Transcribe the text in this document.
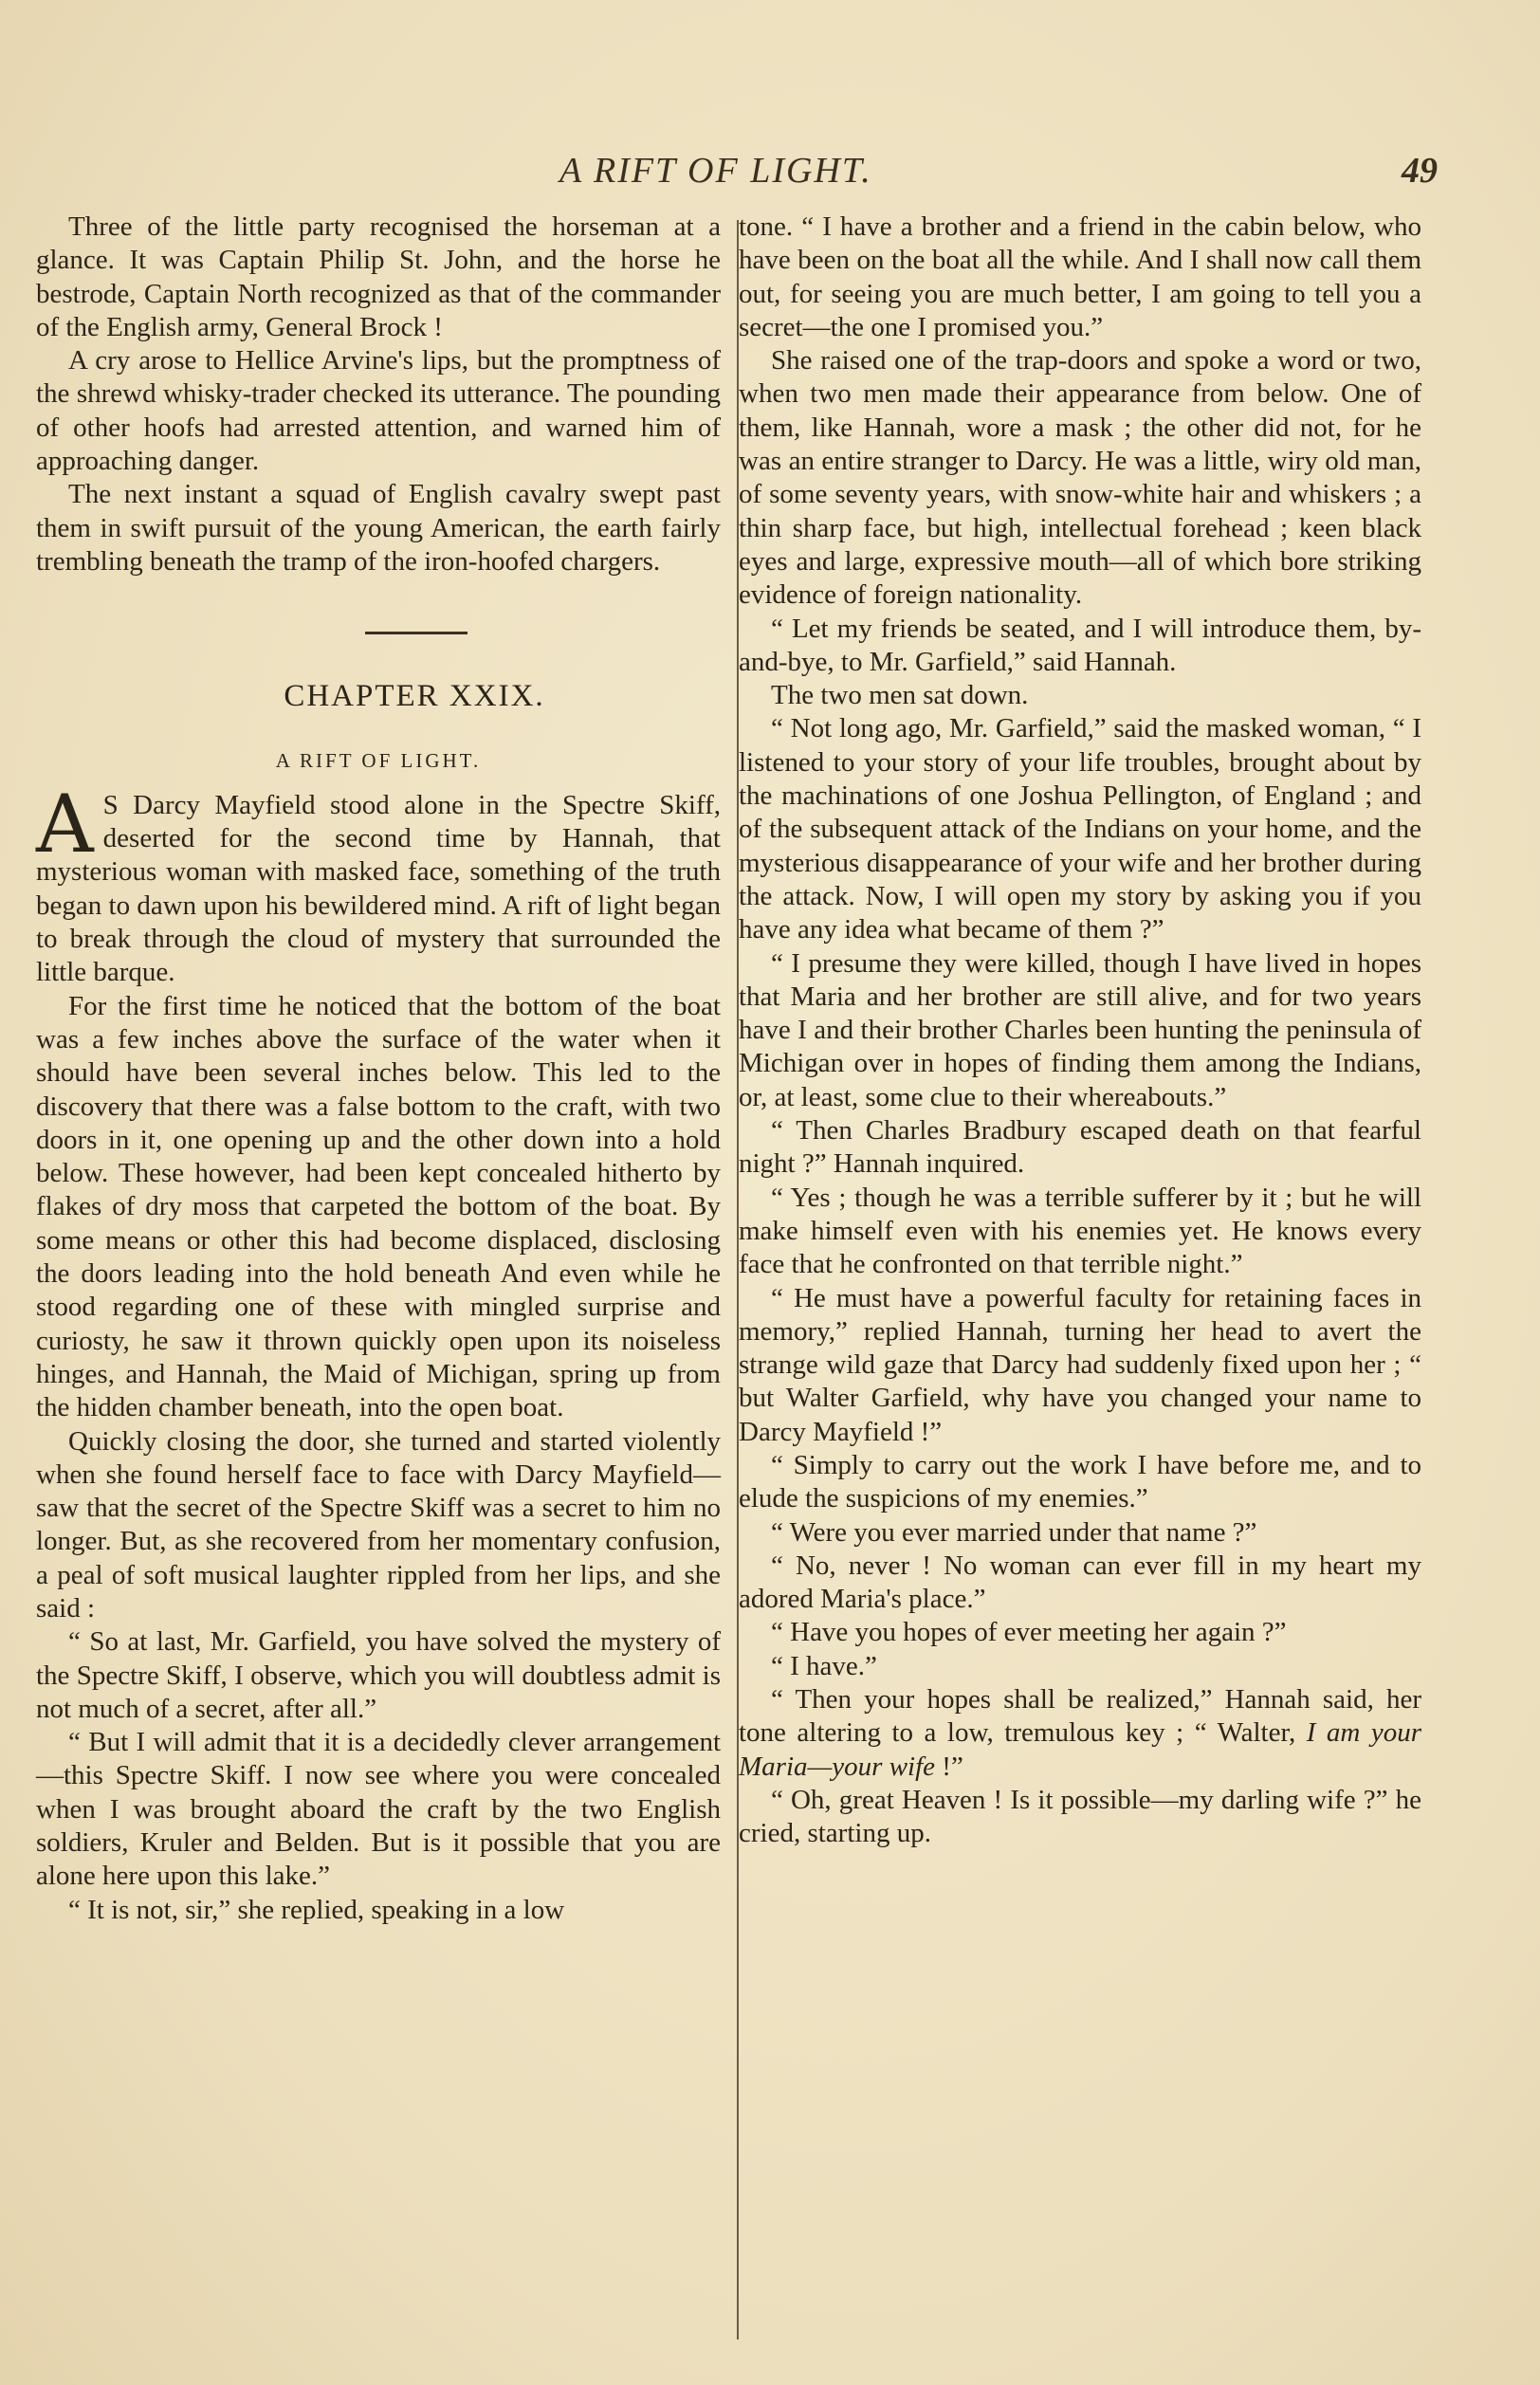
A RIFT OF LIGHT.	49

Three of the little party recognised the horseman at a glance. It was Captain Philip St. John, and the horse he bestrode, Captain North recognized as that of the commander of the English army, General Brock !

A cry arose to Hellice Arvine's lips, but the promptness of the shrewd whisky-trader checked its utterance. The pounding of other hoofs had arrested attention, and warned him of approaching danger.

The next instant a squad of English cavalry swept past them in swift pursuit of the young American, the earth fairly trembling beneath the tramp of the iron-hoofed chargers.

CHAPTER XXIX.
A RIFT OF LIGHT.

A S Darcy Mayfield stood alone in the Spectre Skiff, deserted for the second time by Hannah, that mysterious woman with masked face, something of the truth began to dawn upon his bewildered mind. A rift of light began to break through the cloud of mystery that surrounded the little barque.

For the first time he noticed that the bottom of the boat was a few inches above the surface of the water when it should have been several inches below. This led to the discovery that there was a false bottom to the craft, with two doors in it, one opening up and the other down into a hold below. These however, had been kept concealed hitherto by flakes of dry moss that carpeted the bottom of the boat. By some means or other this had become displaced, disclosing the doors leading into the hold beneath And even while he stood regarding one of these with mingled surprise and curiosty, he saw it thrown quickly open upon its noiseless hinges, and Hannah, the Maid of Michigan, spring up from the hidden chamber beneath, into the open boat.

Quickly closing the door, she turned and started violently when she found herself face to face with Darcy Mayfield—saw that the secret of the Spectre Skiff was a secret to him no longer. But, as she recovered from her momentary confusion, a peal of soft musical laughter rippled from her lips, and she said :

“ So at last, Mr. Garfield, you have solved the mystery of the Spectre Skiff, I observe, which you will doubtless admit is not much of a secret, after all.”

“ But I will admit that it is a decidedly clever arrangement—this Spectre Skiff. I now see where you were concealed when I was brought aboard the craft by the two English soldiers, Kruler and Belden. But is it possible that you are alone here upon this lake.”

“ It is not, sir,” she replied, speaking in a low

tone. “ I have a brother and a friend in the cabin below, who have been on the boat all the while. And I shall now call them out, for seeing you are much better, I am going to tell you a secret—the one I promised you.”

She raised one of the trap-doors and spoke a word or two, when two men made their appearance from below. One of them, like Hannah, wore a mask ; the other did not, for he was an entire stranger to Darcy. He was a little, wiry old man, of some seventy years, with snow-white hair and whiskers ; a thin sharp face, but high, intellectual forehead ; keen black eyes and large, expressive mouth—all of which bore striking evidence of foreign nationality.

“ Let my friends be seated, and I will introduce them, by-and-bye, to Mr. Garfield,” said Hannah.

The two men sat down.

“ Not long ago, Mr. Garfield,” said the masked woman, “ I listened to your story of your life troubles, brought about by the machinations of one Joshua Pellington, of England ; and of the subsequent attack of the Indians on your home, and the mysterious disappearance of your wife and her brother during the attack. Now, I will open my story by asking you if you have any idea what became of them ?”

“ I presume they were killed, though I have lived in hopes that Maria and her brother are still alive, and for two years have I and their brother Charles been hunting the peninsula of Michigan over in hopes of finding them among the Indians, or, at least, some clue to their whereabouts.”

“ Then Charles Bradbury escaped death on that fearful night ?” Hannah inquired.

“ Yes ; though he was a terrible sufferer by it ; but he will make himself even with his enemies yet. He knows every face that he confronted on that terrible night.”

“ He must have a powerful faculty for retaining faces in memory,” replied Hannah, turning her head to avert the strange wild gaze that Darcy had suddenly fixed upon her ; “ but Walter Garfield, why have you changed your name to Darcy Mayfield !”

“ Simply to carry out the work I have before me, and to elude the suspicions of my enemies.”

“ Were you ever married under that name ?”

“ No, never ! No woman can ever fill in my heart my adored Maria's place.”

“ Have you hopes of ever meeting her again ?”

“ I have.”

“ Then your hopes shall be realized,” Hannah said, her tone altering to a low, tremulous key ; “ Walter, I am your Maria—your wife !”

“ Oh, great Heaven ! Is it possible—my darling wife ?” he cried, starting up.
